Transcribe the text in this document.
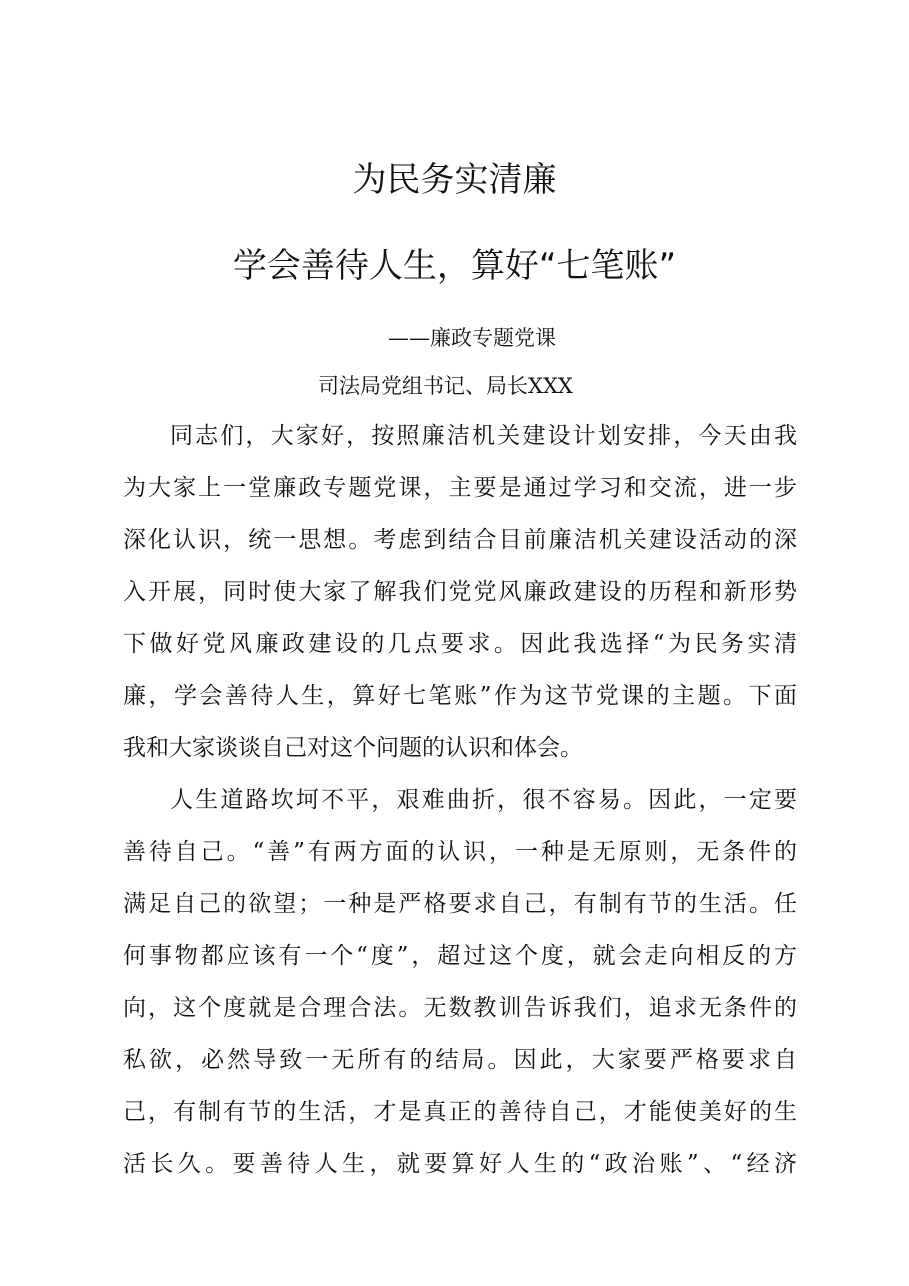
为民务实清廉
学会善待人生，算好“七笔账”
——廉政专题党课
司法局党组书记、局长XXX
同志们，大家好，按照廉洁机关建设计划安排，今天由我
为大家上一堂廉政专题党课，主要是通过学习和交流，进一步
深化认识，统一思想。考虑到结合目前廉洁机关建设活动的深
入开展，同时使大家了解我们党党风廉政建设的历程和新形势
下做好党风廉政建设的几点要求。因此我选择“为民务实清
廉，学会善待人生，算好七笔账”作为这节党课的主题。下面
我和大家谈谈自己对这个问题的认识和体会。
人生道路坎坷不平，艰难曲折，很不容易。因此，一定要
善待自己。“善”有两方面的认识，一种是无原则，无条件的
满足自己的欲望；一种是严格要求自己，有制有节的生活。任
何事物都应该有一个“度”，超过这个度，就会走向相反的方
向，这个度就是合理合法。无数教训告诉我们，追求无条件的
私欲，必然导致一无所有的结局。因此，大家要严格要求自
己，有制有节的生活，才是真正的善待自己，才能使美好的生
活长久。要善待人生，就要算好人生的“政治账”、“经济
